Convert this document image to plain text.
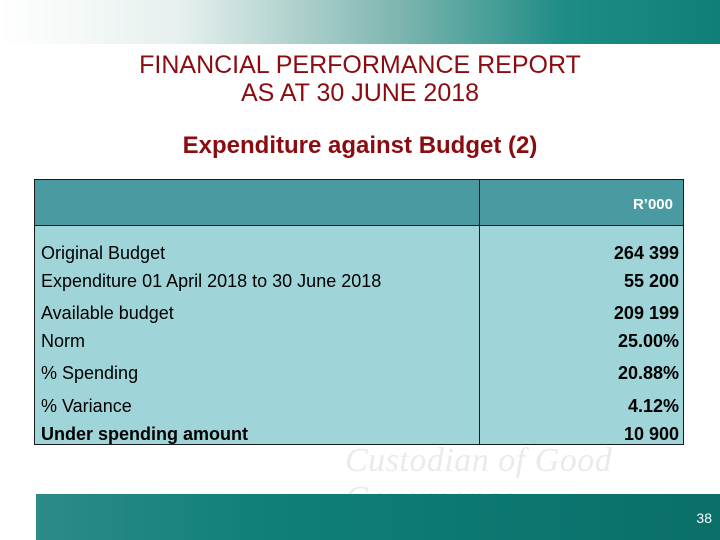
FINANCIAL PERFORMANCE REPORT
AS AT 30 JUNE 2018
Expenditure against Budget (2)
R’000
Original Budget	264 399
Expenditure 01 April 2018 to 30 June 2018	55 200
Available budget	209 199
Norm	25.00%
% Spending	20.88%
% Variance	4.12%
Under spending amount	10 900
Custodian of Good
38
